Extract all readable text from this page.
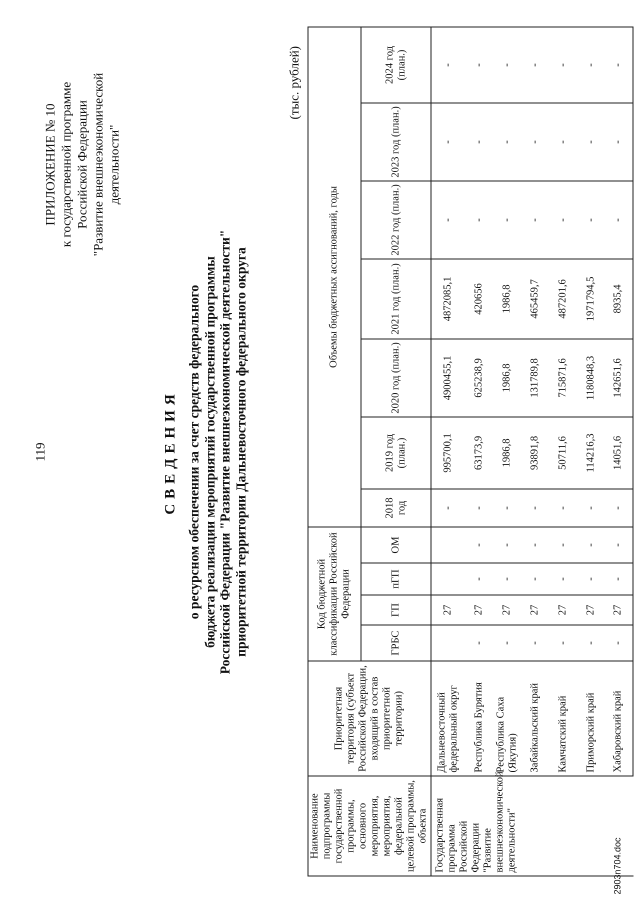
119
ПРИЛОЖЕНИЕ № 10 к государственной программе Российской Федерации "Развитие внешнеэкономической деятельности"
СВЕДЕНИЯ о ресурсном обеспечении за счет средств федерального бюджета реализации мероприятий государственной программы Российской Федерации "Развитие внешнеэкономической деятельности" приоритетной территории Дальневосточного федерального округа
(тыс. рублей)
Наименование подпрограммы государственной программы, основного мероприятия, мероприятия, федеральной целевой программы, объекта	Приоритетная территория (субъект Российской Федерации, входящий в состав приоритетной территории)	Код бюджетной классификации Российской Федерации				Объемы бюджетных ассигнований, годы						
		ГРБС	ГП	пГП	ОМ	2018 год	2019 год (план.)	2020 год (план.)	2021 год (план.)	2022 год (план.)	2023 год (план.)	2024 год (план.)
Государственная программа Российской Федерации "Развитие внешнеэкономической деятельности"	Дальневосточный федеральный округ		27			-	995700,1	4900455,1	4872085,1	-	-	-
	Республика Бурятия	-	27	-	-	-	63173,9	625238,9	420656	-	-	-
	Республика Саха (Якутия)	-	27	-	-	-	1986,8	1986,8	1986,8	-	-	-
	Забайкальский край	-	27	-	-	-	93891,8	131789,8	465459,7	-	-	-
	Камчатский край	-	27	-	-	-	50711,6	715871,6	487201,6	-	-	-
	Приморский край	-	27	-	-	-	114216,3	1180848,3	1971794,5	-	-	-
	Хабаровский край	-	27	-	-	-	14051,6	142651,6	8935,4	-	-	-
2903n704.doc
